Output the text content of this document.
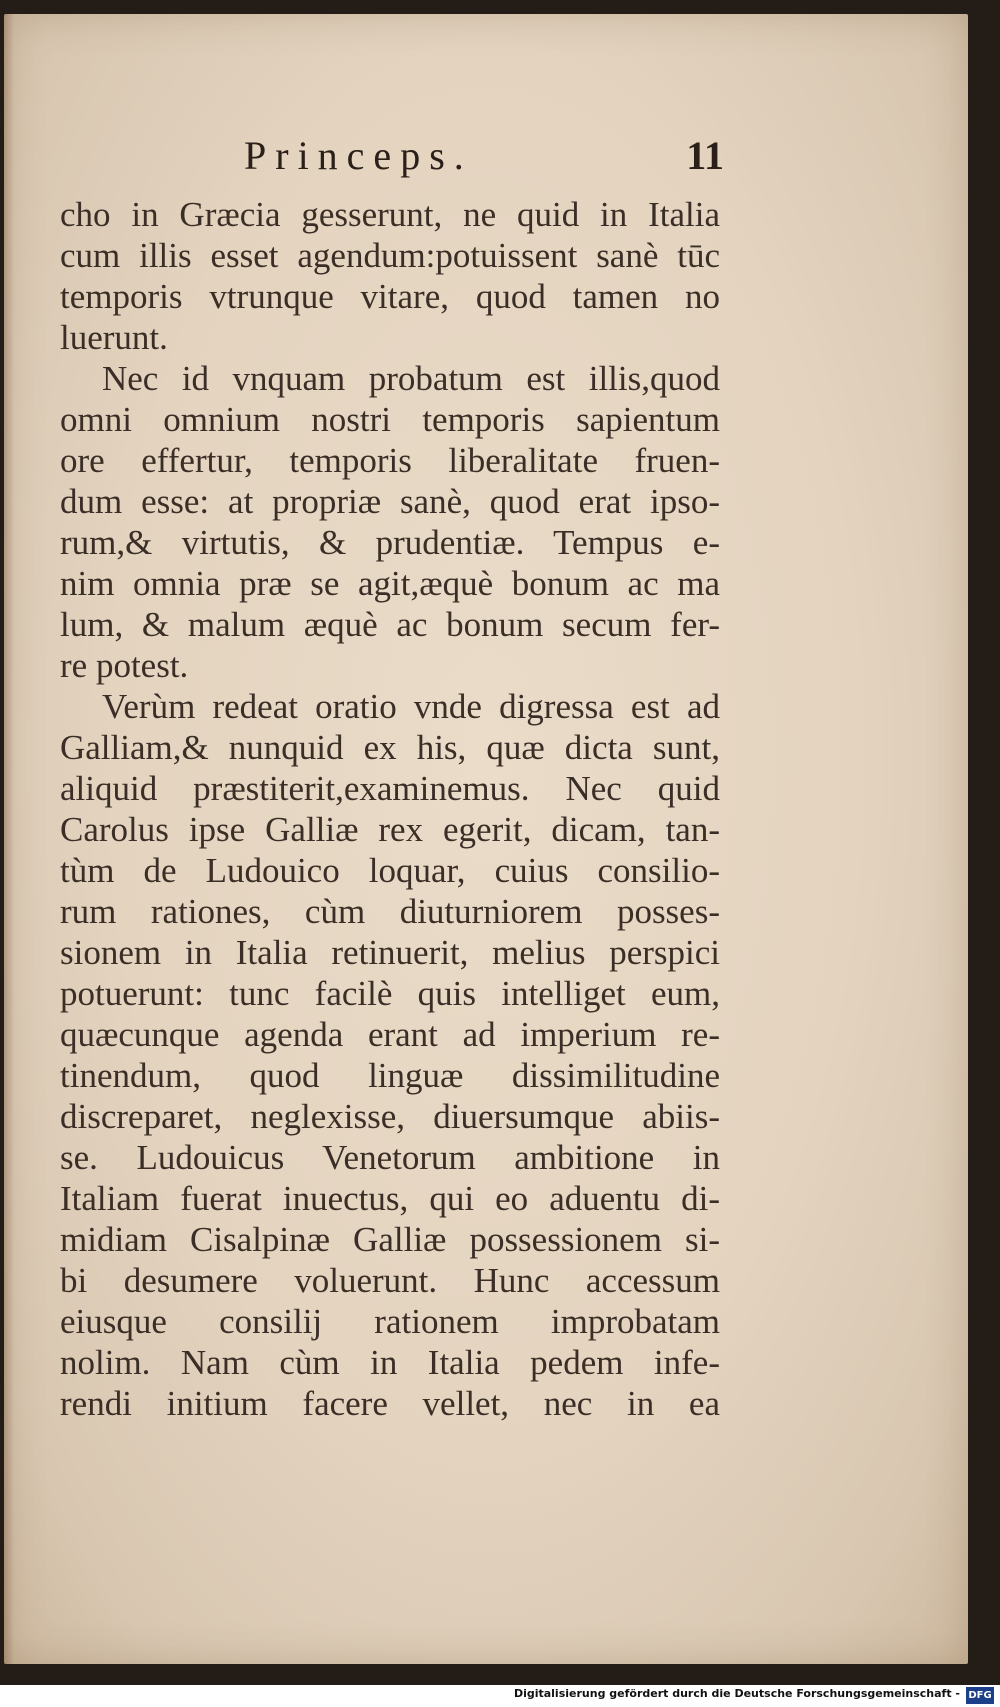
Princeps.	11
cho in Græcia gesserunt, ne quid in Italia
cum illis esset agendum:potuissent sanè tūc
temporis vtrunque vitare, quod tamen no
luerunt.
Nec id vnquam probatum est illis,quod
omni omnium nostri temporis sapientum
ore effertur, temporis liberalitate fruen-
dum esse: at propriæ sanè, quod erat ipso-
rum,& virtutis, & prudentiæ. Tempus e-
nim omnia præ se agit,æquè bonum ac ma
lum, & malum æquè ac bonum secum fer-
re potest.
Verùm redeat oratio vnde digressa est ad
Galliam,& nunquid ex his, quæ dicta sunt,
aliquid præstiterit,examinemus. Nec quid
Carolus ipse Galliæ rex egerit, dicam, tan-
tùm de Ludouico loquar, cuius consilio-
rum rationes, cùm diuturniorem posses-
sionem in Italia retinuerit, melius perspici
potuerunt: tunc facilè quis intelliget eum,
quæcunque agenda erant ad imperium re-
tinendum, quod linguæ dissimilitudine
discreparet, neglexisse, diuersumque abiis-
se. Ludouicus Venetorum ambitione in
Italiam fuerat inuectus, qui eo aduentu di-
midiam Cisalpinæ Galliæ possessionem si-
bi desumere voluerunt. Hunc accessum
eiusque consilij rationem improbatam
nolim. Nam cùm in Italia pedem infe-
rendi initium facere vellet, nec in ea
Digitalisierung gefördert durch die Deutsche Forschungsgemeinschaft - DFG
